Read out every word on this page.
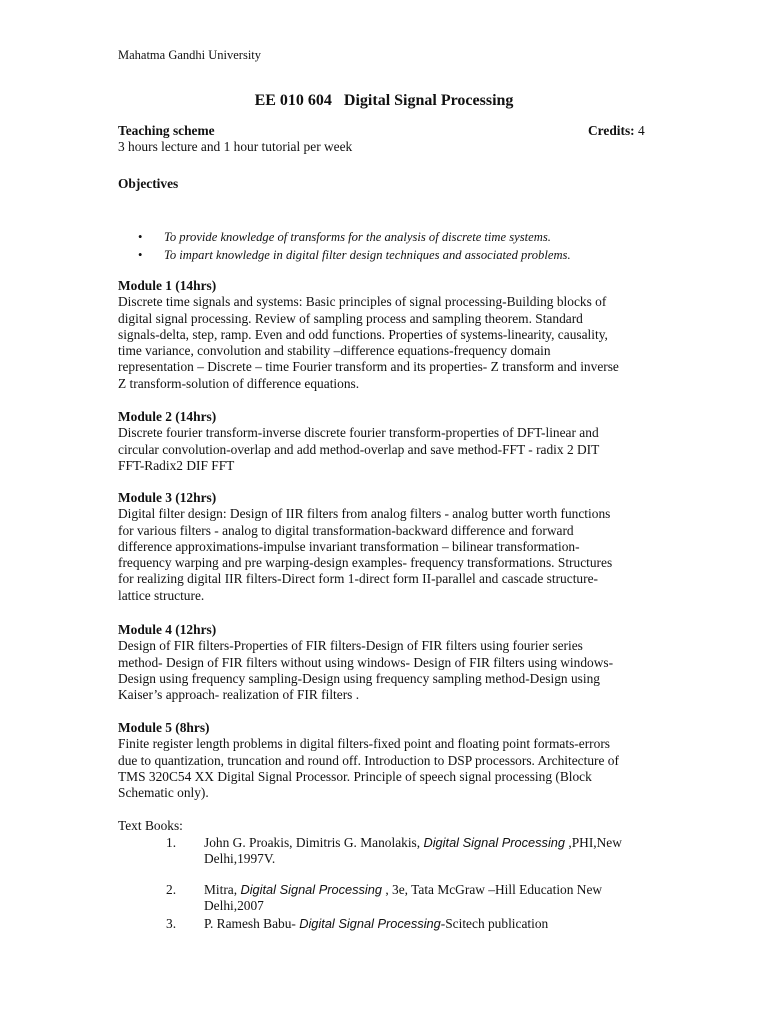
Mahatma Gandhi University
EE 010 604 Digital Signal Processing
Teaching scheme	Credits: 4
3 hours lecture and 1 hour tutorial per week
Objectives
• To provide knowledge of transforms for the analysis of discrete time systems.
• To impart knowledge in digital filter design techniques and associated problems.
Module 1 (14hrs)
Discrete time signals and systems: Basic principles of signal processing-Building blocks of
digital signal processing. Review of sampling process and sampling theorem. Standard
signals-delta, step, ramp. Even and odd functions. Properties of systems-linearity, causality,
time variance, convolution and stability –difference equations-frequency domain
representation – Discrete – time Fourier transform and its properties- Z transform and inverse
Z transform-solution of difference equations.
Module 2 (14hrs)
Discrete fourier transform-inverse discrete fourier transform-properties of DFT-linear and
circular convolution-overlap and add method-overlap and save method-FFT - radix 2 DIT
FFT-Radix2 DIF FFT
Module 3 (12hrs)
Digital filter design: Design of IIR filters from analog filters - analog butter worth functions
for various filters - analog to digital transformation-backward difference and forward
difference approximations-impulse invariant transformation – bilinear transformation-
frequency warping and pre warping-design examples- frequency transformations. Structures
for realizing digital IIR filters-Direct form 1-direct form II-parallel and cascade structure-
lattice structure.
Module 4 (12hrs)
Design of FIR filters-Properties of FIR filters-Design of FIR filters using fourier series
method- Design of FIR filters without using windows- Design of FIR filters using windows-
Design using frequency sampling-Design using frequency sampling method-Design using
Kaiser’s approach- realization of FIR filters .
Module 5 (8hrs)
Finite register length problems in digital filters-fixed point and floating point formats-errors
due to quantization, truncation and round off. Introduction to DSP processors. Architecture of
TMS 320C54 XX Digital Signal Processor. Principle of speech signal processing (Block
Schematic only).
Text Books:
1. John G. Proakis, Dimitris G. Manolakis, Digital Signal Processing ,PHI,New Delhi,1997V.
2. Mitra, Digital Signal Processing , 3e, Tata McGraw –Hill Education New Delhi,2007
3. P. Ramesh Babu- Digital Signal Processing-Scitech publication
